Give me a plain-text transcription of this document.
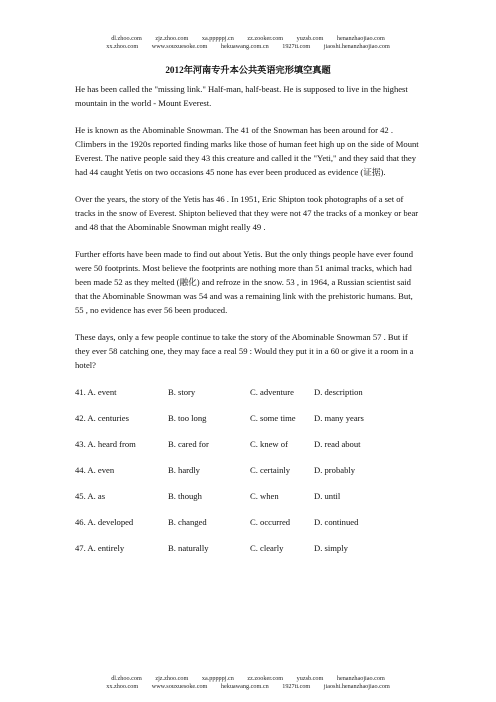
dl.zhoo.com zjz.zhoo.com xa.pppppj.cn zz.zooker.com yuzsb.com henanzhaojiao.com
xx.zhoo.com www.souxuesoke.com hekuawang.com.cn 1927ti.com jiaoshi.henanzhaojiao.com
2012年河南专升本公共英语完形填空真题

He has been called the "missing link." Half-man, half-beast. He is supposed to live in the highest mountain in the world - Mount Everest.

He is known as the Abominable Snowman. The 41 of the Snowman has been around for 42 . Climbers in the 1920s reported finding marks like those of human feet high up on the side of Mount Everest. The native people said they 43 this creature and called it the "Yeti," and they said that they had 44 caught Yetis on two occasions 45 none has ever been produced as evidence (证据).

Over the years, the story of the Yetis has 46 . In 1951, Eric Shipton took photographs of a set of tracks in the snow of Everest. Shipton believed that they were not 47 the tracks of a monkey or bear and 48 that the Abominable Snowman might really 49 .

Further efforts have been made to find out about Yetis. But the only things people have ever found were 50 footprints. Most believe the footprints are nothing more than 51 animal tracks, which had been made 52 as they melted (融化) and refroze in the snow. 53 , in 1964, a Russian scientist said that the Abominable Snowman was 54 and was a remaining link with the prehistoric humans. But, 55 , no evidence has ever 56 been produced.

These days, only a few people continue to take the story of the Abominable Snowman 57 . But if they ever 58 catching one, they may face a real 59 : Would they put it in a 60 or give it a room in a hotel?

41. A. event	B. story	C. adventure	D. description
42. A. centuries	B. too long	C. some time	D. many years
43. A. heard from	B. cared for	C. knew of	D. read about
44. A. even	B. hardly	C. certainly	D. probably
45. A. as	B. though	C. when	D. until
46. A. developed	B. changed	C. occurred	D. continued
47. A. entirely	B. naturally	C. clearly	D. simply
dl.zhoo.com zjz.zhoo.com xa.pppppj.cn zz.zooker.com yuzsb.com henanzhaojiao.com
xx.zhoo.com www.souxuesoke.com hekuawang.com.cn 1927ti.com jiaoshi.henanzhaojiao.com
